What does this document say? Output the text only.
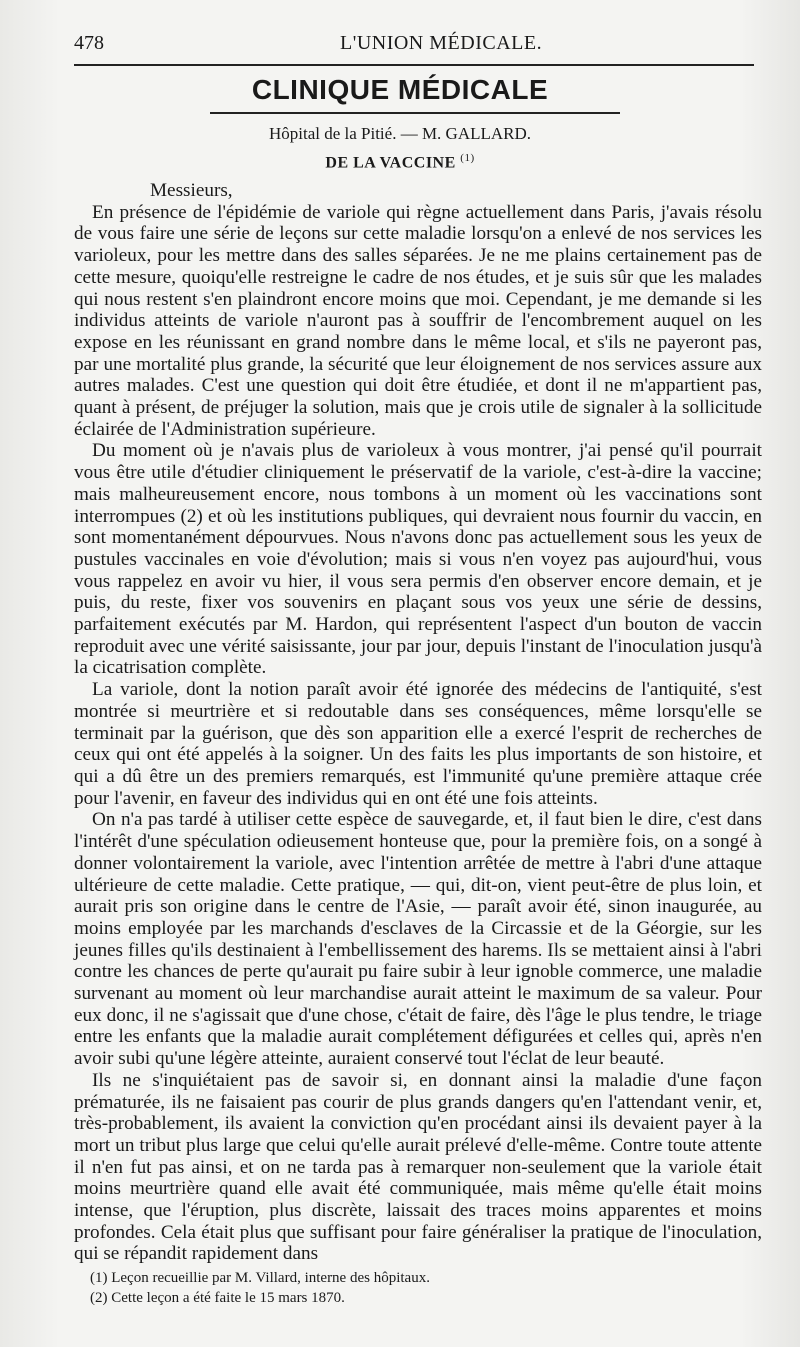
478	L'UNION MÉDICALE.
CLINIQUE MÉDICALE
Hôpital de la Pitié. — M. GALLARD.
DE LA VACCINE $^{(1)}$

Messieurs,

En présence de l'épidémie de variole qui règne actuellement dans Paris, j'avais résolu de vous faire une série de leçons sur cette maladie lorsqu'on a enlevé de nos services les varioleux, pour les mettre dans des salles séparées. Je ne me plains certainement pas de cette mesure, quoiqu'elle restreigne le cadre de nos études, et je suis sûr que les malades qui nous restent s'en plaindront encore moins que moi. Cependant, je me demande si les individus atteints de variole n'auront pas à souffrir de l'encombrement auquel on les expose en les réunissant en grand nombre dans le même local, et s'ils ne payeront pas, par une mortalité plus grande, la sécurité que leur éloignement de nos services assure aux autres malades. C'est une question qui doit être étudiée, et dont il ne m'appartient pas, quant à présent, de préjuger la solution, mais que je crois utile de signaler à la sollicitude éclairée de l'Administration supérieure.

Du moment où je n'avais plus de varioleux à vous montrer, j'ai pensé qu'il pourrait vous être utile d'étudier cliniquement le préservatif de la variole, c'est-à-dire la vaccine; mais malheureusement encore, nous tombons à un moment où les vaccinations sont interrompues (2) et où les institutions publiques, qui devraient nous fournir du vaccin, en sont momentanément dépourvues. Nous n'avons donc pas actuellement sous les yeux de pustules vaccinales en voie d'évolution; mais si vous n'en voyez pas aujourd'hui, vous vous rappelez en avoir vu hier, il vous sera permis d'en observer encore demain, et je puis, du reste, fixer vos souvenirs en plaçant sous vos yeux une série de dessins, parfaitement exécutés par M. Hardon, qui représentent l'aspect d'un bouton de vaccin reproduit avec une vérité saisissante, jour par jour, depuis l'instant de l'inoculation jusqu'à la cicatrisation complète.

La variole, dont la notion paraît avoir été ignorée des médecins de l'antiquité, s'est montrée si meurtrière et si redoutable dans ses conséquences, même lorsqu'elle se terminait par la guérison, que dès son apparition elle a exercé l'esprit de recherches de ceux qui ont été appelés à la soigner. Un des faits les plus importants de son histoire, et qui a dû être un des premiers remarqués, est l'immunité qu'une première attaque crée pour l'avenir, en faveur des individus qui en ont été une fois atteints.

On n'a pas tardé à utiliser cette espèce de sauvegarde, et, il faut bien le dire, c'est dans l'intérêt d'une spéculation odieusement honteuse que, pour la première fois, on a songé à donner volontairement la variole, avec l'intention arrêtée de mettre à l'abri d'une attaque ultérieure de cette maladie. Cette pratique, — qui, dit-on, vient peut-être de plus loin, et aurait pris son origine dans le centre de l'Asie, — paraît avoir été, sinon inaugurée, au moins employée par les marchands d'esclaves de la Circassie et de la Géorgie, sur les jeunes filles qu'ils destinaient à l'embellissement des harems. Ils se mettaient ainsi à l'abri contre les chances de perte qu'aurait pu faire subir à leur ignoble commerce, une maladie survenant au moment où leur marchandise aurait atteint le maximum de sa valeur. Pour eux donc, il ne s'agissait que d'une chose, c'était de faire, dès l'âge le plus tendre, le triage entre les enfants que la maladie aurait complétement défigurées et celles qui, après n'en avoir subi qu'une légère atteinte, auraient conservé tout l'éclat de leur beauté.

Ils ne s'inquiétaient pas de savoir si, en donnant ainsi la maladie d'une façon prématurée, ils ne faisaient pas courir de plus grands dangers qu'en l'attendant venir, et, très-probablement, ils avaient la conviction qu'en procédant ainsi ils devaient payer à la mort un tribut plus large que celui qu'elle aurait prélevé d'elle-même. Contre toute attente il n'en fut pas ainsi, et on ne tarda pas à remarquer non-seulement que la variole était moins meurtrière quand elle avait été communiquée, mais même qu'elle était moins intense, que l'éruption, plus discrète, laissait des traces moins apparentes et moins profondes. Cela était plus que suffisant pour faire généraliser la pratique de l'inoculation, qui se répandit rapidement dans

(1) Leçon recueillie par M. Villard, interne des hôpitaux.
(2) Cette leçon a été faite le 15 mars 1870.
